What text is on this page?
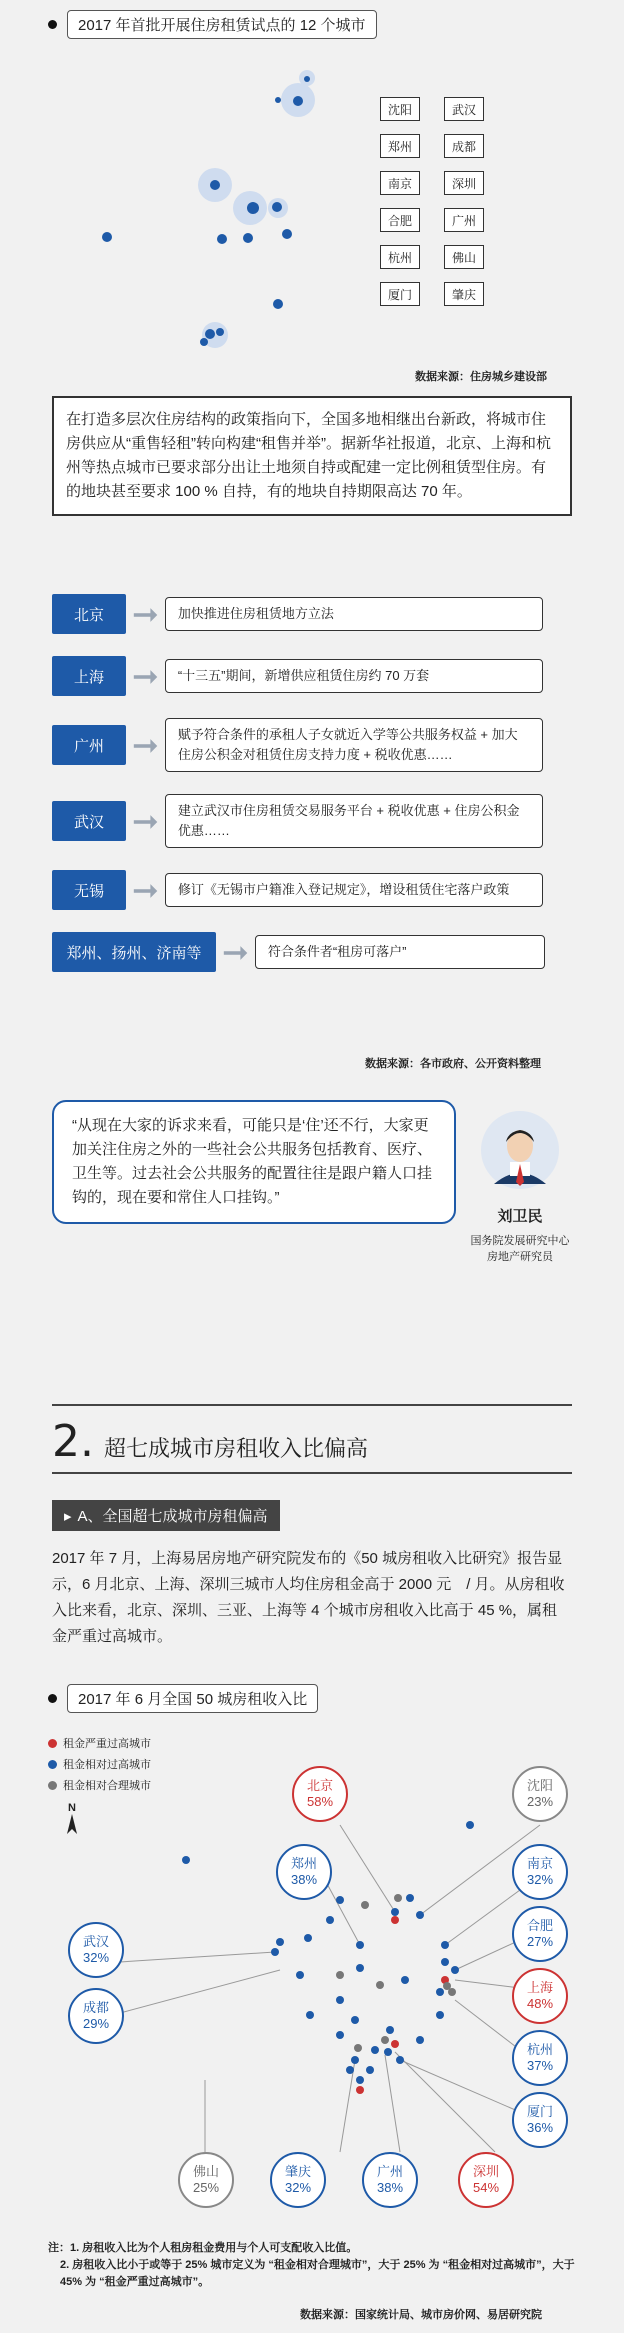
2017 年首批开展住房租赁试点的 12 个城市
沈阳	武汉
郑州	成都
南京	深圳
合肥	广州
杭州	佛山
厦门	肇庆
数据来源：住房城乡建设部
在打造多层次住房结构的政策指向下，全国多地相继出台新政，将城市住房供应从“重售轻租”转向构建“租售并举”。据新华社报道，北京、上海和杭州等热点城市已要求部分出让土地须自持或配建一定比例租赁型住房。有的地块甚至要求 100 % 自持，有的地块自持期限高达 70 年。
北京 ➞	加快推进住房租赁地方立法
上海 ➞	“十三五”期间，新增供应租赁住房约 70 万套
广州 ➞	赋予符合条件的承租人子女就近入学等公共服务权益 + 加大住房公积金对租赁住房支持力度 + 税收优惠……
武汉 ➞	建立武汉市住房租赁交易服务平台 + 税收优惠 + 住房公积金优惠……
无锡 ➞	修订《无锡市户籍准入登记规定》，增设租赁住宅落户政策
郑州、扬州、济南等 ➞	符合条件者“租房可落户”
数据来源：各市政府、公开资料整理
“从现在大家的诉求来看，可能只是‘住’还不行，大家更加关注住房之外的一些社会公共服务包括教育、医疗、卫生等。过去社会公共服务的配置往往是跟户籍人口挂钩的，现在要和常住人口挂钩。”
刘卫民
国务院发展研究中心
房地产研究员
2. 超七成城市房租收入比偏高
▸ A、全国超七成城市房租偏高
2017 年 7 月，上海易居房地产研究院发布的《50 城房租收入比研究》报告显示，6 月北京、上海、深圳三城市人均住房租金高于 2000 元　/ 月。从房租收入比来看，北京、深圳、三亚、上海等 4 个城市房租收入比高于 45 %，属租金严重过高城市。
2017 年 6 月全国 50 城房租收入比
租金严重过高城市
租金相对过高城市
租金相对合理城市
N
北京
58%
沈阳
23%
郑州
38%
南京
32%
合肥
27%
武汉
32%
上海
48%
成都
29%
杭州
37%
厦门
36%
佛山
25%
肇庆
32%
广州
38%
深圳
54%
注：1. 房租收入比为个人租房租金费用与个人可支配收入比值。
2. 房租收入比小于或等于 25% 城市定义为 “租金相对合理城市”，大于 25% 为 “租金相对过高城市”，大于 45% 为 “租金严重过高城市”。
数据来源：国家统计局、城市房价网、易居研究院
